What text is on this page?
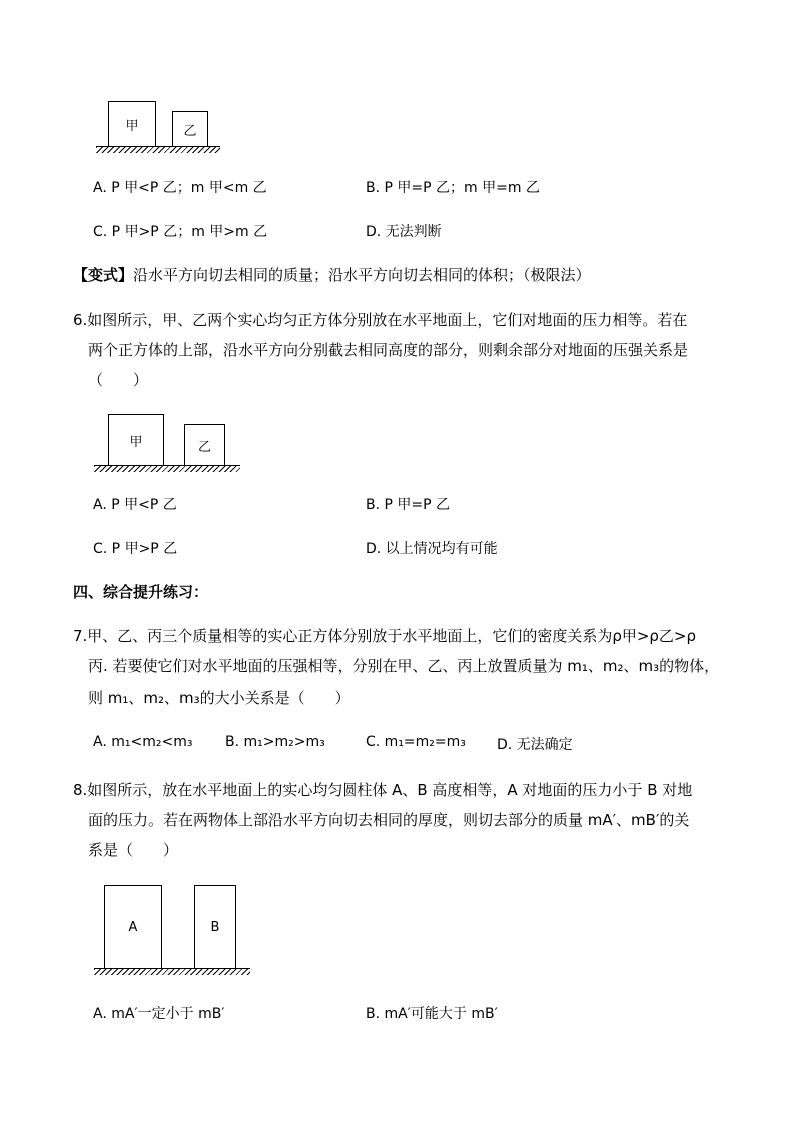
甲	乙
A. P 甲<P 乙；m 甲<m 乙	B. P 甲=P 乙；m 甲=m 乙
C. P 甲>P 乙；m 甲>m 乙	D. 无法判断
【变式】沿水平方向切去相同的质量；沿水平方向切去相同的体积；（极限法）
6.如图所示，甲、乙两个实心均匀正方体分别放在水平地面上，它们对地面的压力相等。若在
两个正方体的上部，沿水平方向分别截去相同高度的部分，则剩余部分对地面的压强关系是
（　　）
甲	乙
A. P 甲<P 乙	B. P 甲=P 乙
C. P 甲>P 乙	D. 以上情况均有可能
四、综合提升练习：
7.甲、乙、丙三个质量相等的实心正方体分别放于水平地面上，它们的密度关系为ρ甲>ρ乙>ρ
丙. 若要使它们对水平地面的压强相等，分别在甲、乙、丙上放置质量为 m₁、m₂、m₃的物体，
则 m₁、m₂、m₃的大小关系是（　　）
A. m₁<m₂<m₃ B. m₁>m₂>m₃	C. m₁=m₂=m₃ D. 无法确定
8.如图所示，放在水平地面上的实心均匀圆柱体 A、B 高度相等，A 对地面的压力小于 B 对地
面的压力。若在两物体上部沿水平方向切去相同的厚度，则切去部分的质量 mA′、mB′的关
系是（　　）
A	B
A. mA′一定小于 mB′	B. mA′可能大于 mB′
